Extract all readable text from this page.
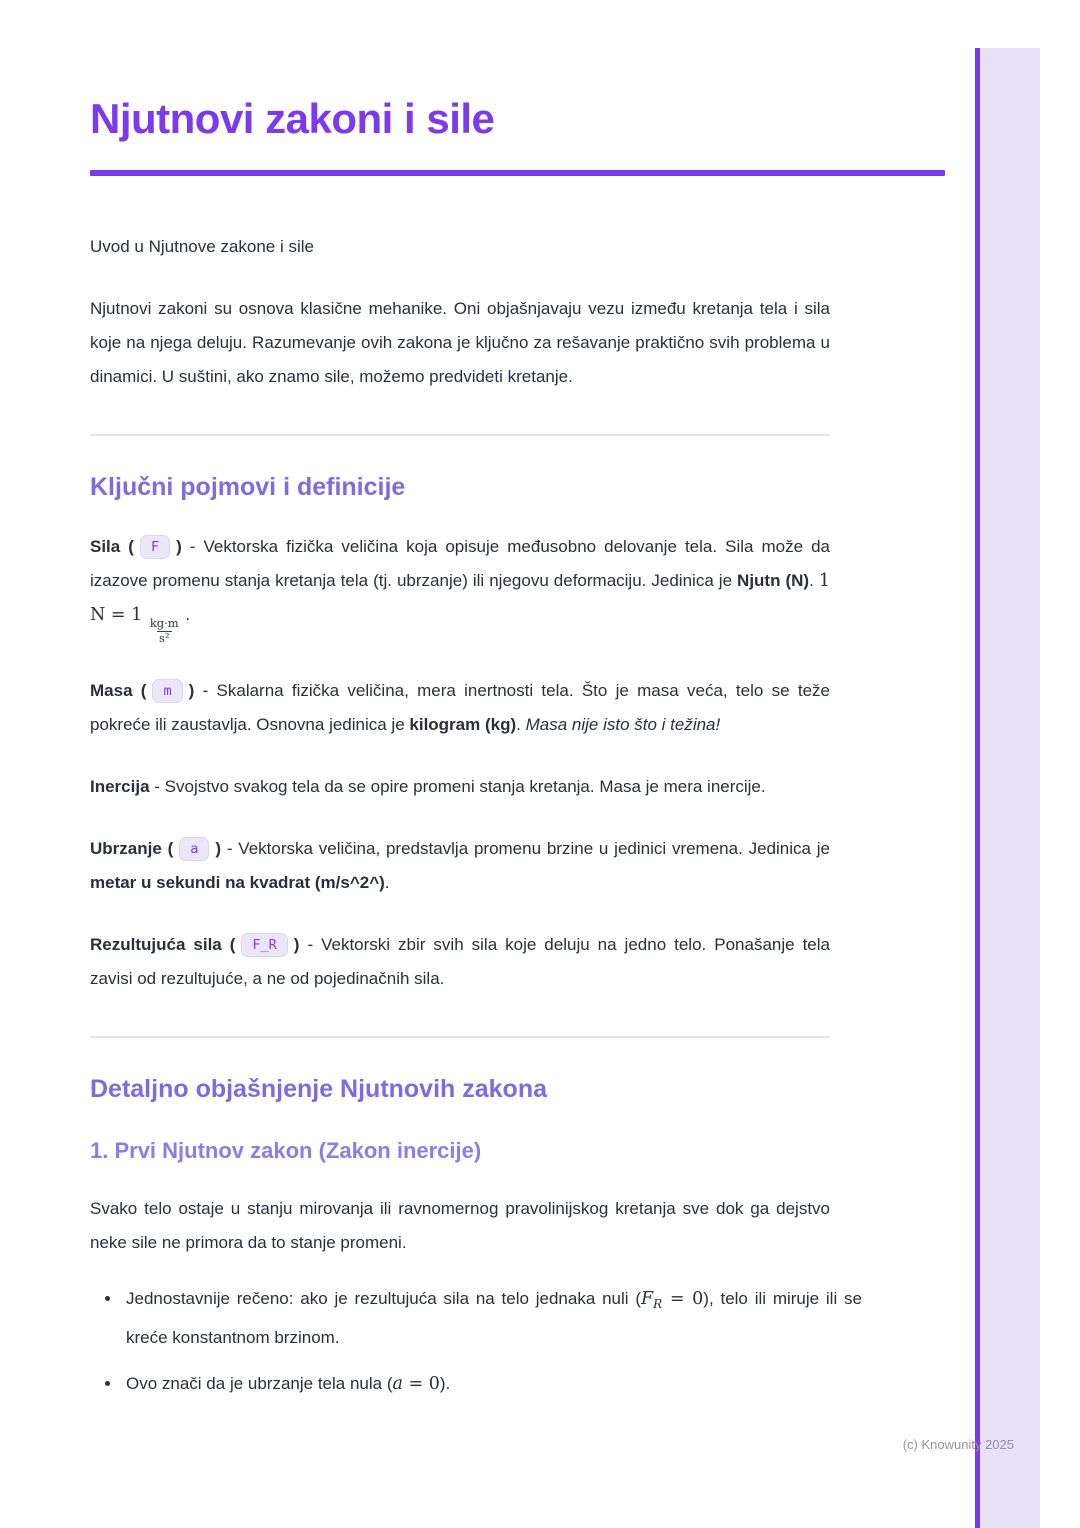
(c) Knowunity 2025
Njutnovi zakoni i sile

Uvod u Njutnove zakone i sile

Njutnovi zakoni su osnova klasične mehanike. Oni objašnjavaju vezu između kretanja tela i sila koje na njega deluju. Razumevanje ovih zakona je ključno za rešavanje praktično svih problema u dinamici. U suštini, ako znamo sile, možemo predvideti kretanje.

Ključni pojmovi i definicije

Sila ( F ) - Vektorska fizička veličina koja opisuje međusobno delovanje tela. Sila može da izazove promenu stanja kretanja tela (tj. ubrzanje) ili njegovu deformaciju. Jedinica je Njutn (N). 1 N = 1
$\frac{kg\cdot m}{\text{s²}}$
.

Masa ( m ) - Skalarna fizička veličina, mera inertnosti tela. Što je masa veća, telo se teže pokreće ili zaustavlja. Osnovna jedinica je kilogram (kg). Masa nije isto što i težina!

Inercija - Svojstvo svakog tela da se opire promeni stanja kretanja. Masa je mera inercije.

Ubrzanje ( a ) - Vektorska veličina, predstavlja promenu brzine u jedinici vremena. Jedinica je metar u sekundi na kvadrat (m/s^2^).

Rezultujuća sila ( F_R ) - Vektorski zbir svih sila koje deluju na jedno telo. Ponašanje tela zavisi od rezultujuće, a ne od pojedinačnih sila.

Detaljno objašnjenje Njutnovih zakona
1. Prvi Njutnov zakon (Zakon inercije)

Svako telo ostaje u stanju mirovanja ili ravnomernog pravolinijskog kretanja sve dok ga dejstvo neke sile ne primora da to stanje promeni.

• Jednostavnije rečeno: ako je rezultujuća sila na telo jednaka nuli $(F_R = 0)$, telo ili miruje ili se kreće konstantnom brzinom.
• Ovo znači da je ubrzanje tela nula (a = 0).
